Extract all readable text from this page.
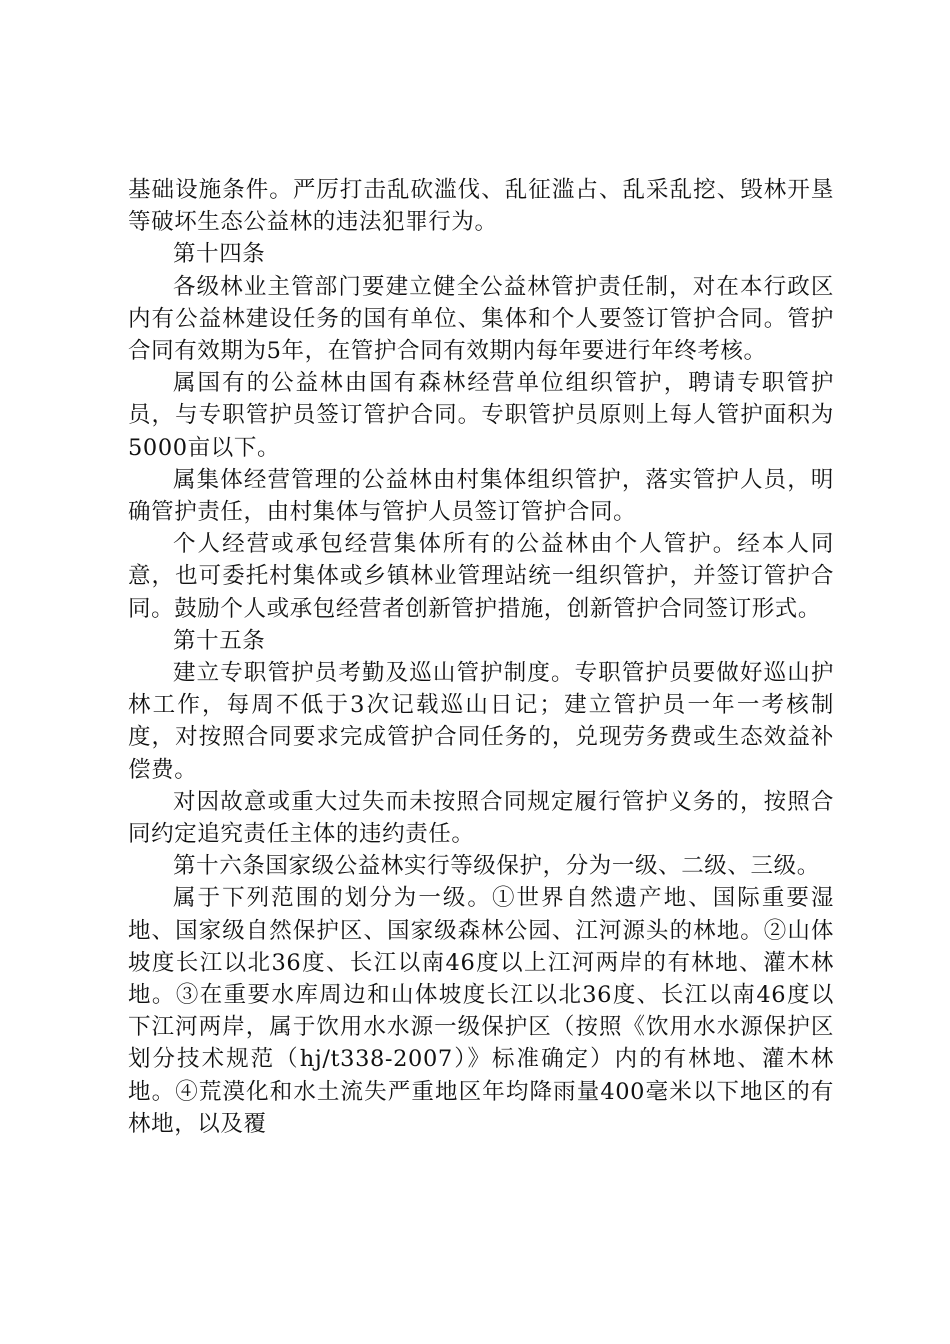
基础设施条件。严厉打击乱砍滥伐、乱征滥占、乱采乱挖、毁林开垦等破坏生态公益林的违法犯罪行为。

第十四条

各级林业主管部门要建立健全公益林管护责任制，对在本行政区内有公益林建设任务的国有单位、集体和个人要签订管护合同。管护合同有效期为5年，在管护合同有效期内每年要进行年终考核。

属国有的公益林由国有森林经营单位组织管护，聘请专职管护员，与专职管护员签订管护合同。专职管护员原则上每人管护面积为5000亩以下。

属集体经营管理的公益林由村集体组织管护，落实管护人员，明确管护责任，由村集体与管护人员签订管护合同。

个人经营或承包经营集体所有的公益林由个人管护。经本人同意，也可委托村集体或乡镇林业管理站统一组织管护，并签订管护合同。鼓励个人或承包经营者创新管护措施，创新管护合同签订形式。

第十五条

建立专职管护员考勤及巡山管护制度。专职管护员要做好巡山护林工作，每周不低于3次记载巡山日记；建立管护员一年一考核制度，对按照合同要求完成管护合同任务的，兑现劳务费或生态效益补偿费。

对因故意或重大过失而未按照合同规定履行管护义务的，按照合同约定追究责任主体的违约责任。

第十六条国家级公益林实行等级保护，分为一级、二级、三级。

属于下列范围的划分为一级。①世界自然遗产地、国际重要湿地、国家级自然保护区、国家级森林公园、江河源头的林地。②山体坡度长江以北36度、长江以南46度以上江河两岸的有林地、灌木林地。③在重要水库周边和山体坡度长江以北36度、长江以南46度以下江河两岸，属于饮用水水源一级保护区（按照《饮用水水源保护区划分技术规范（hj/t338-2007）》标准确定）内的有林地、灌木林地。④荒漠化和水土流失严重地区年均降雨量400毫米以下地区的有林地，以及覆
